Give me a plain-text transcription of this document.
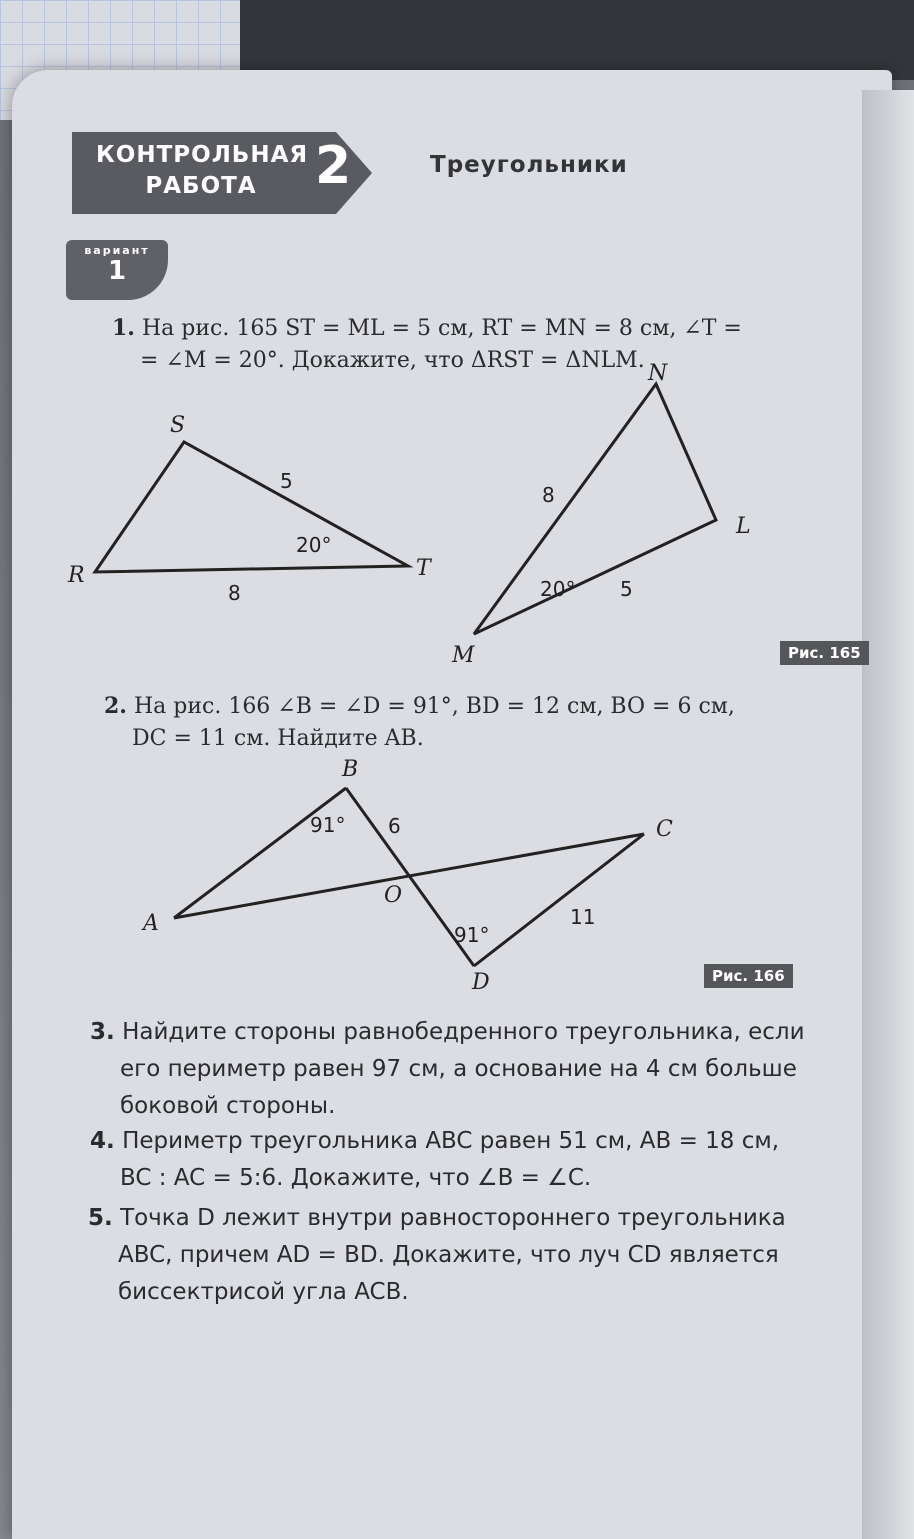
КОНТРОЛЬНАЯ
РАБОТА	2	Треугольники
вариант
1
1. На рис. 165 ST = ML = 5 см, RT = MN = 8 см, ∠T =
= ∠M = 20°. Докажите, что ΔRST = ΔNLM.
S
R	T
5
8
20°
N
L
M
8
5
20°
Рис. 165
2. На рис. 166 ∠B = ∠D = 91°, BD = 12 см, BO = 6 см,
DC = 11 см. Найдите AB.
A
B
C
D
O
91° 6
91°
11
Рис. 166
3. Найдите стороны равнобедренного треугольника, если
его периметр равен 97 см, а основание на 4 см больше
боковой стороны.
4. Периметр треугольника ABC равен 51 см, AB = 18 см,
BC : AC = 5:6. Докажите, что ∠B = ∠C.
5. Точка D лежит внутри равностороннего треугольника
ABC, причем AD = BD. Докажите, что луч CD является
биссектрисой угла ACB.
